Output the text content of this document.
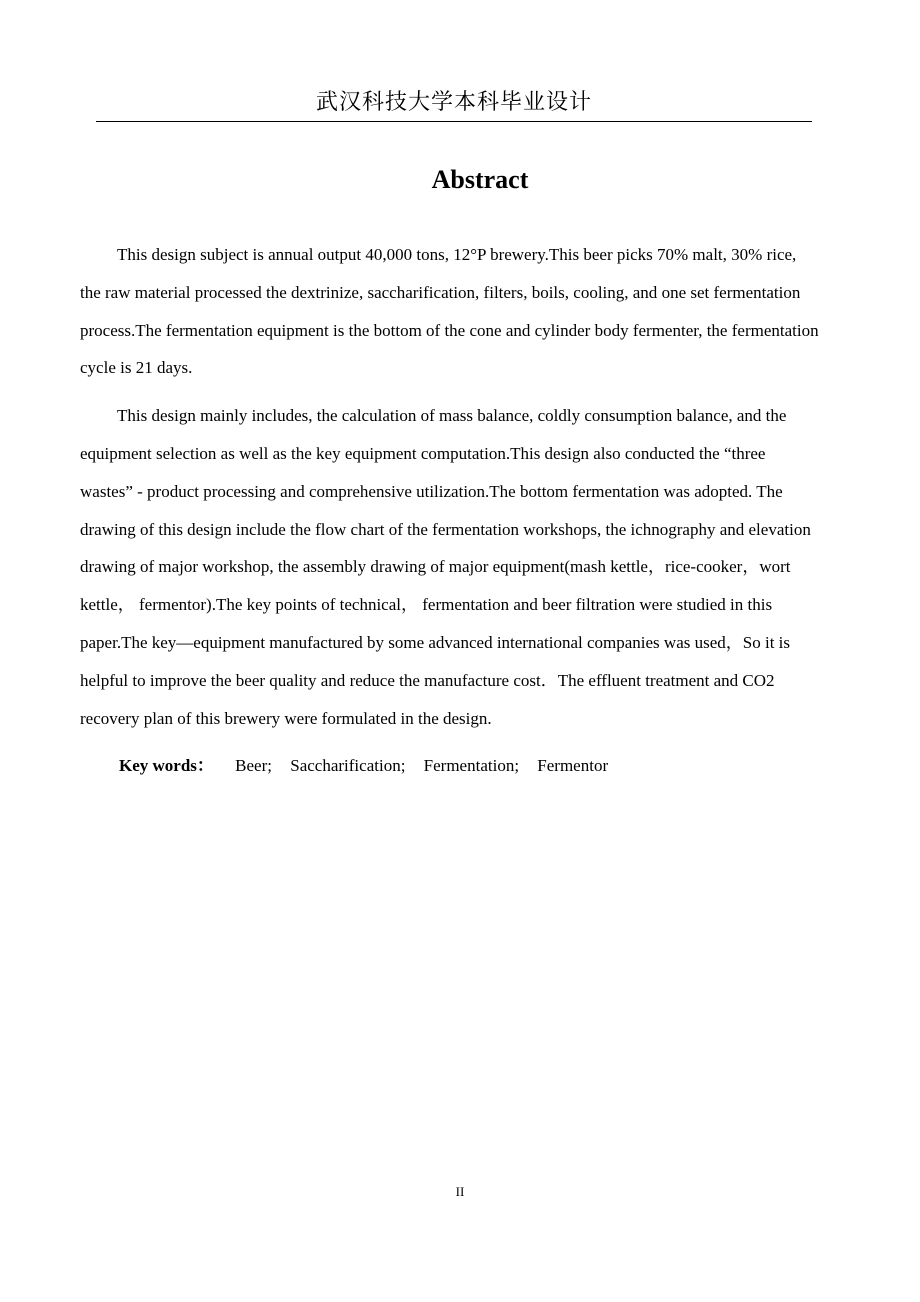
武汉科技大学本科毕业设计
Abstract

This design subject is annual output 40,000 tons, 12°P brewery.This beer picks 70% malt, 30% rice, the raw material processed the dextrinize, saccharification, filters, boils, cooling, and one set fermentation process.The fermentation equipment is the bottom of the cone and cylinder body fermenter, the fermentation cycle is 21 days.

This design mainly includes, the calculation of mass balance, coldly consumption balance, and the equipment selection as well as the key equipment computation.This design also conducted the “three wastes” - product processing and comprehensive utilization.The bottom fermentation was adopted. The drawing of this design include the flow chart of the fermentation workshops, the ichnography and elevation drawing of major workshop, the assembly drawing of major equipment(mash kettle，rice-cooker，wort kettle， fermentor).The key points of technical， fermentation and beer filtration were studied in this paper.The key—equipment manufactured by some advanced international companies was used，So it is helpful to improve the beer quality and reduce the manufacture cost．The effluent treatment and CO2 recovery plan of this brewery were formulated in the design.

Key words： Beer; Saccharification; Fermentation; Fermentor

II
